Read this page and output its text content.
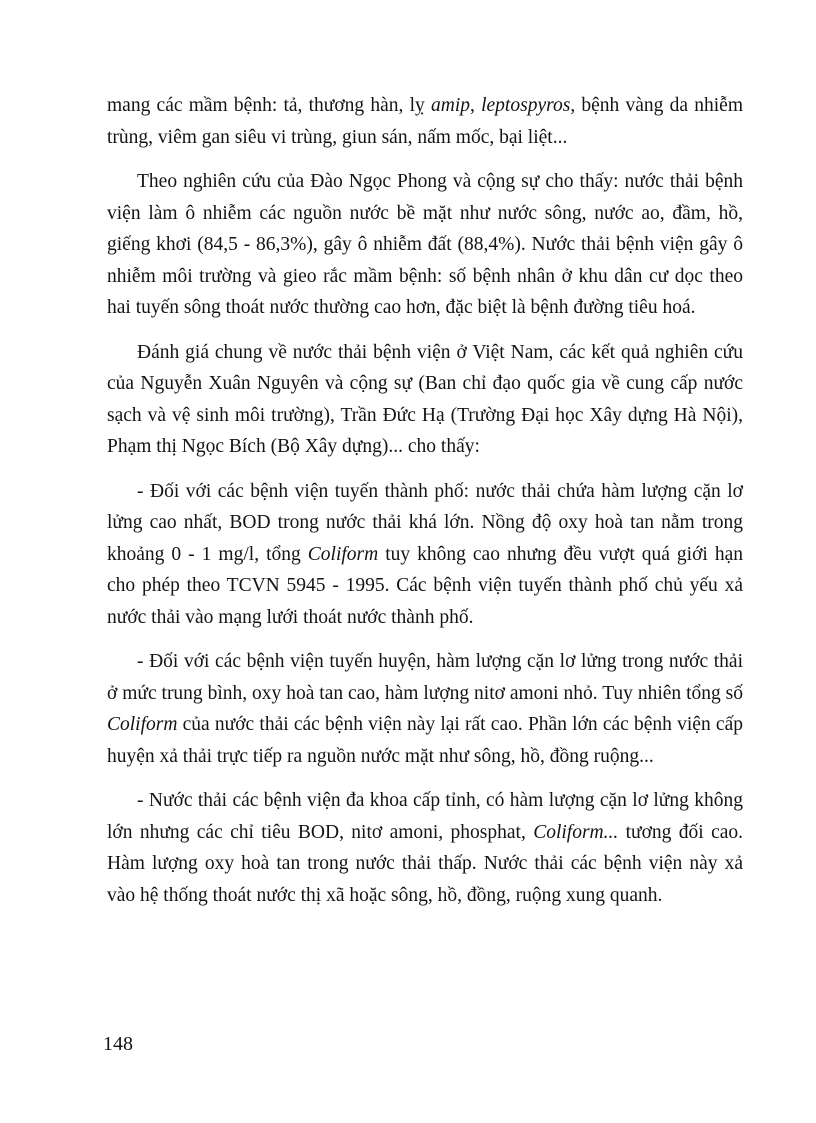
mang các mầm bệnh: tả, thương hàn, lỵ amip, leptospyros, bệnh vàng da nhiễm trùng, viêm gan siêu vi trùng, giun sán, nấm mốc, bại liệt...

Theo nghiên cứu của Đào Ngọc Phong và cộng sự cho thấy: nước thải bệnh viện làm ô nhiễm các nguồn nước bề mặt như nước sông, nước ao, đầm, hồ, giếng khơi (84,5 - 86,3%), gây ô nhiễm đất (88,4%). Nước thải bệnh viện gây ô nhiễm môi trường và gieo rắc mầm bệnh: số bệnh nhân ở khu dân cư dọc theo hai tuyến sông thoát nước thường cao hơn, đặc biệt là bệnh đường tiêu hoá.

Đánh giá chung về nước thải bệnh viện ở Việt Nam, các kết quả nghiên cứu của Nguyễn Xuân Nguyên và cộng sự (Ban chỉ đạo quốc gia về cung cấp nước sạch và vệ sinh môi trường), Trần Đức Hạ (Trường Đại học Xây dựng Hà Nội), Phạm thị Ngọc Bích (Bộ Xây dựng)... cho thấy:

- Đối với các bệnh viện tuyến thành phố: nước thải chứa hàm lượng cặn lơ lửng cao nhất, BOD trong nước thải khá lớn. Nồng độ oxy hoà tan nằm trong khoảng 0 - 1 mg/l, tổng Coliform tuy không cao nhưng đều vượt quá giới hạn cho phép theo TCVN 5945 - 1995. Các bệnh viện tuyến thành phố chủ yếu xả nước thải vào mạng lưới thoát nước thành phố.

- Đối với các bệnh viện tuyến huyện, hàm lượng cặn lơ lửng trong nước thải ở mức trung bình, oxy hoà tan cao, hàm lượng nitơ amoni nhỏ. Tuy nhiên tổng số Coliform của nước thải các bệnh viện này lại rất cao. Phần lớn các bệnh viện cấp huyện xả thải trực tiếp ra nguồn nước mặt như sông, hồ, đồng ruộng...

- Nước thải các bệnh viện đa khoa cấp tỉnh, có hàm lượng cặn lơ lửng không lớn nhưng các chỉ tiêu BOD, nitơ amoni, phosphat, Coliform... tương đối cao. Hàm lượng oxy hoà tan trong nước thải thấp. Nước thải các bệnh viện này xả vào hệ thống thoát nước thị xã hoặc sông, hồ, đồng, ruộng xung quanh.

148
